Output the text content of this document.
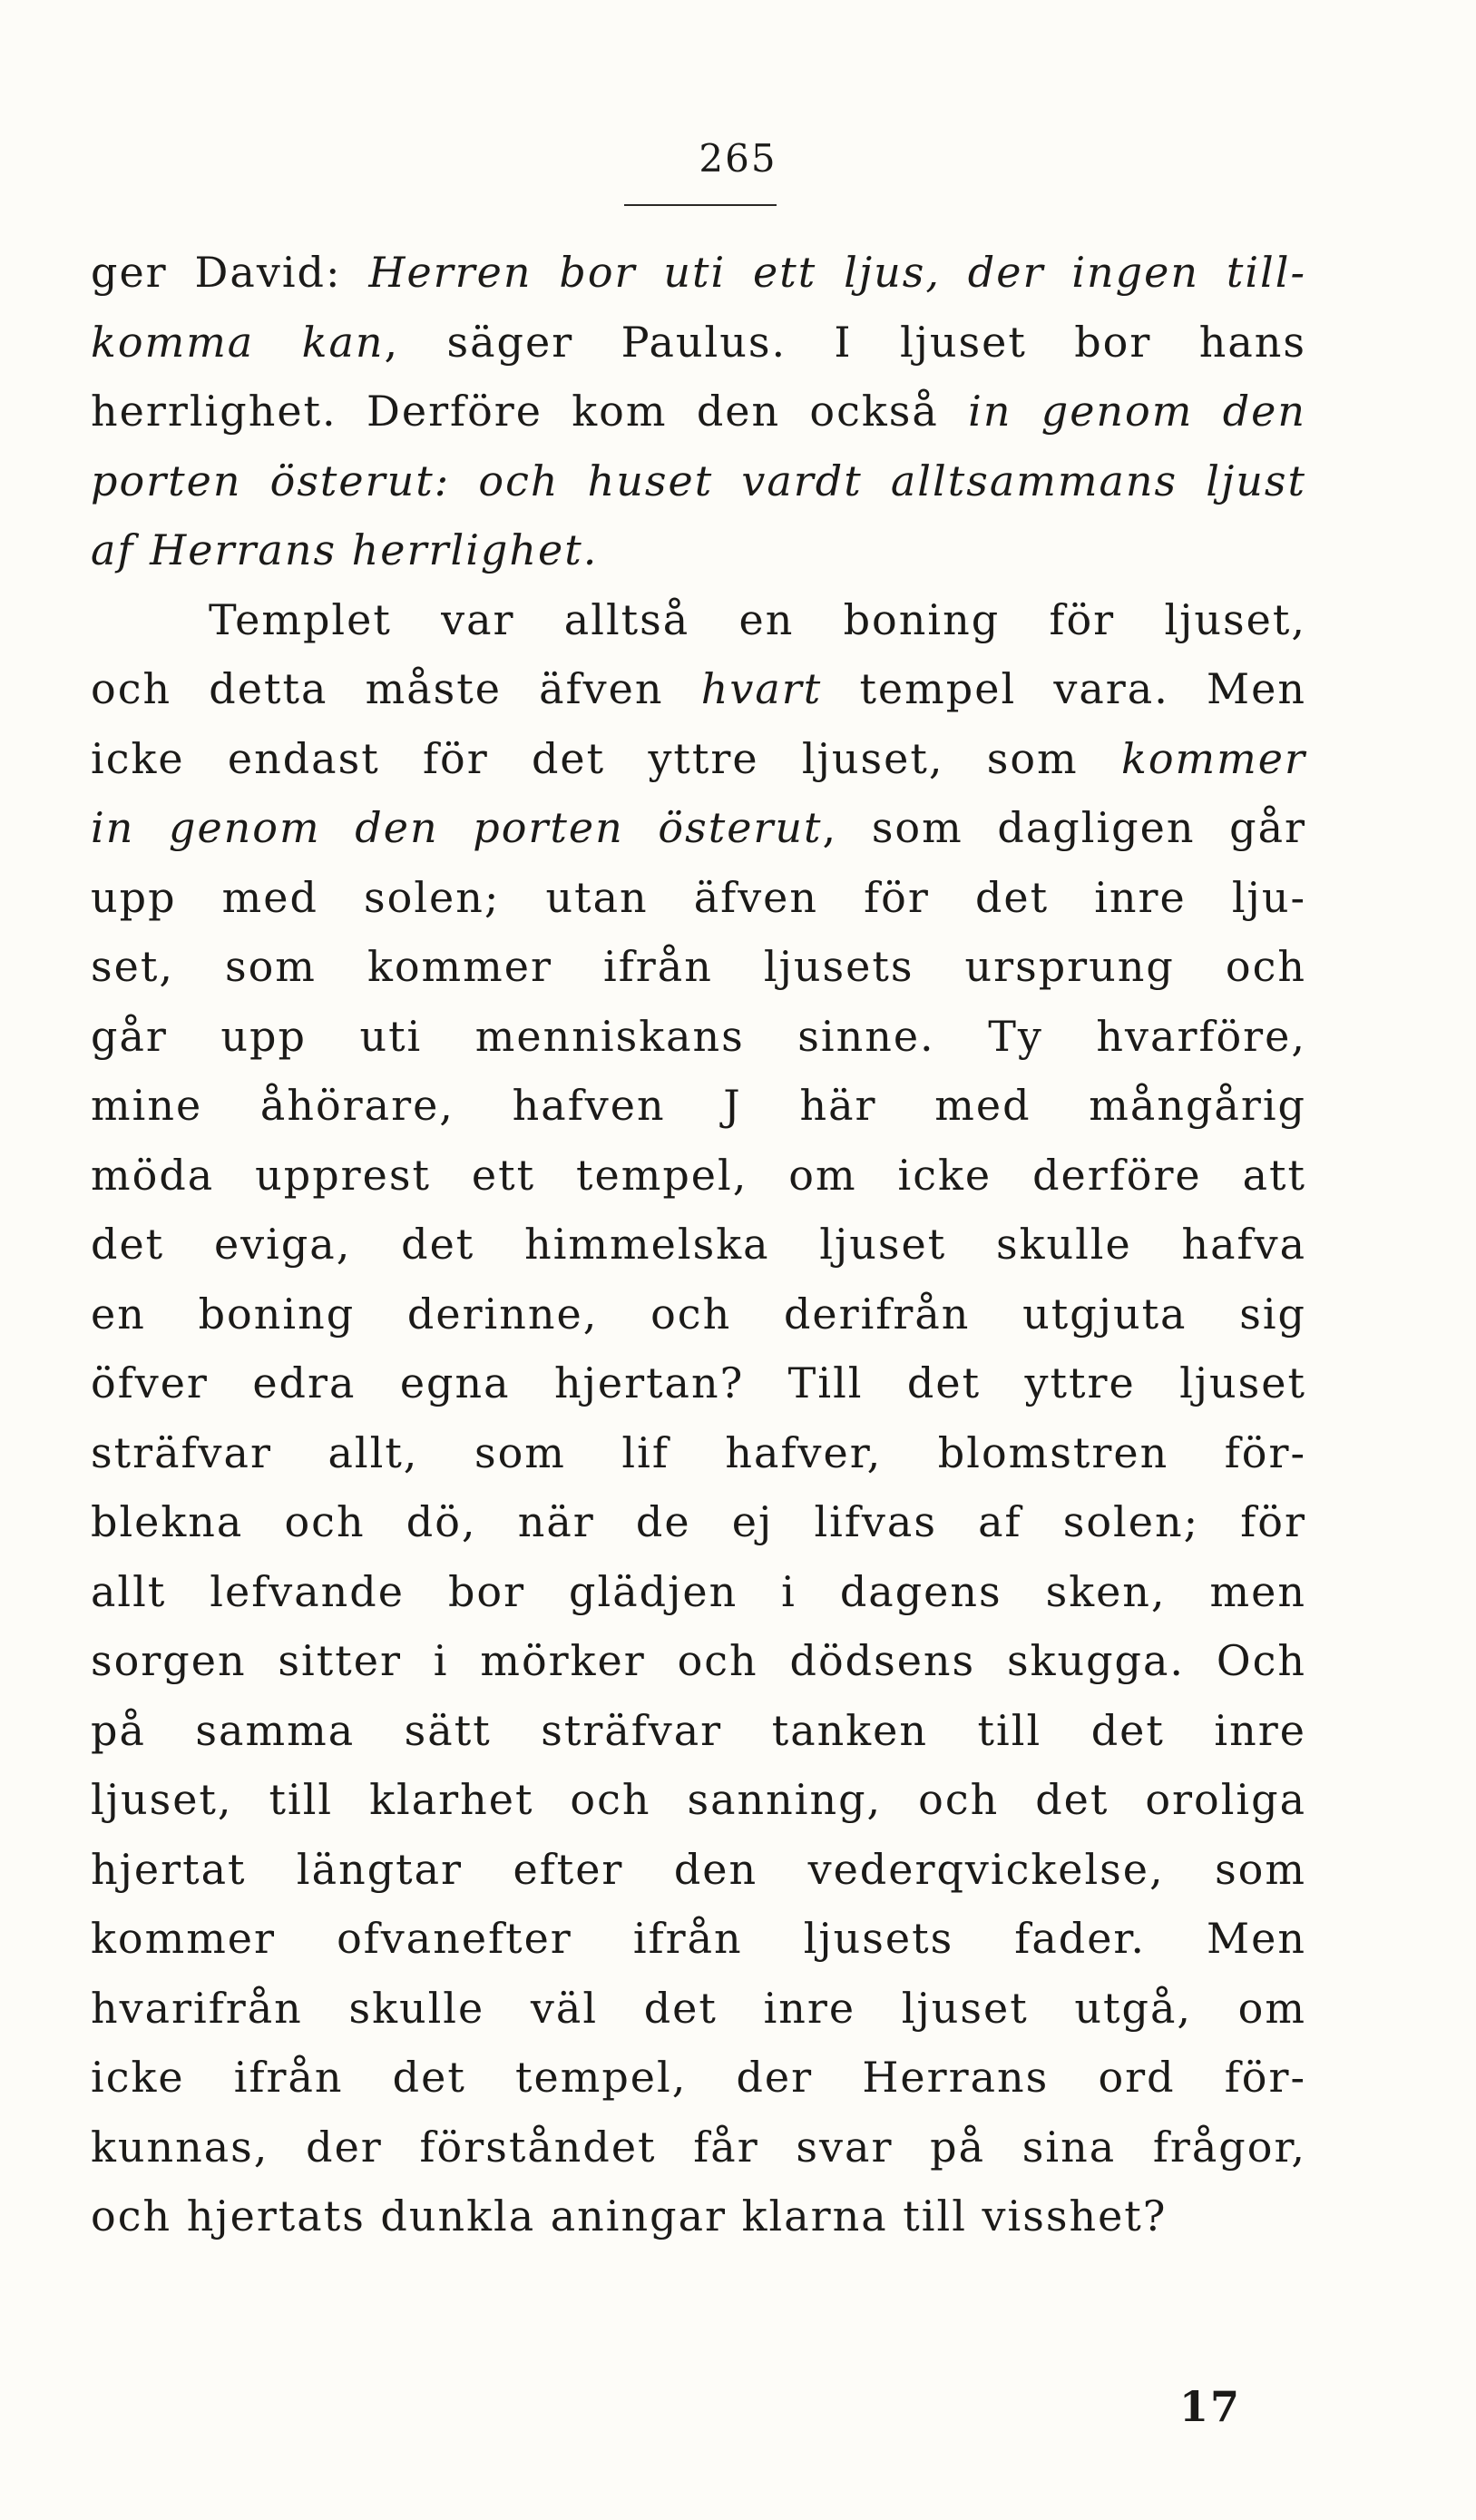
265
ger David: Herren bor uti ett ljus, der ingen till-
komma kan, säger Paulus. I ljuset bor hans
herrlighet. Derföre kom den också in genom den
porten österut: och huset vardt alltsammans ljust
af Herrans herrlighet.
Templet var alltså en boning för ljuset,
och detta måste äfven hvart tempel vara. Men
icke endast för det yttre ljuset, som kommer
in genom den porten österut, som dagligen går
upp med solen; utan äfven för det inre lju-
set, som kommer ifrån ljusets ursprung och
går upp uti menniskans sinne. Ty hvarföre,
mine åhörare, hafven J här med mångårig
möda upprest ett tempel, om icke derföre att
det eviga, det himmelska ljuset skulle hafva
en boning derinne, och derifrån utgjuta sig
öfver edra egna hjertan? Till det yttre ljuset
sträfvar allt, som lif hafver, blomstren för-
blekna och dö, när de ej lifvas af solen; för
allt lefvande bor glädjen i dagens sken, men
sorgen sitter i mörker och dödsens skugga. Och
på samma sätt sträfvar tanken till det inre
ljuset, till klarhet och sanning, och det oroliga
hjertat längtar efter den vederqvickelse, som
kommer ofvanefter ifrån ljusets fader. Men
hvarifrån skulle väl det inre ljuset utgå, om
icke ifrån det tempel, der Herrans ord för-
kunnas, der förståndet får svar på sina frågor,
och hjertats dunkla aningar klarna till visshet?
17
